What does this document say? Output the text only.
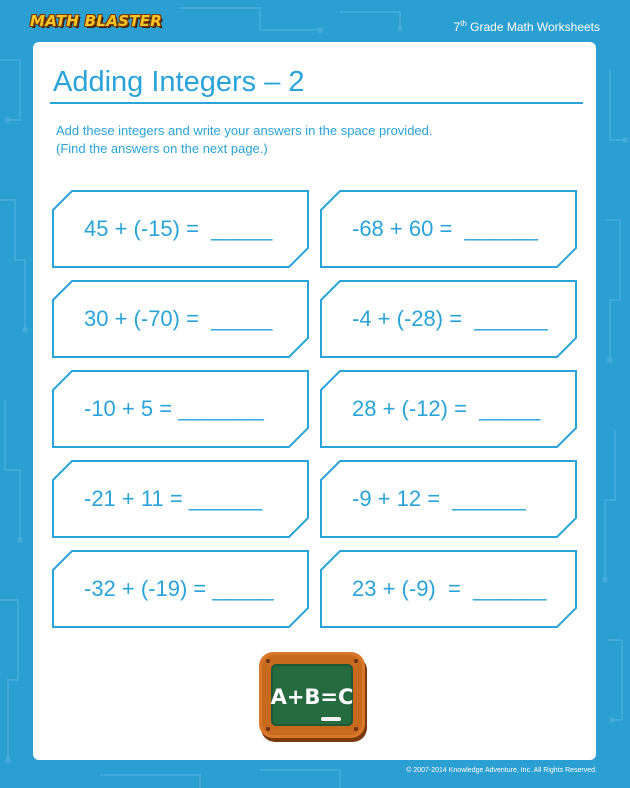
MATH BLASTER	7th Grade Math Worksheets
Adding Integers – 2
Add these integers and write your answers in the space provided.
(Find the answers on the next page.)
45 + (-15) =  _____	-68 + 60 =  ______
30 + (-70) =  _____	-4 + (-28) =  ______
-10 + 5 = _______	28 + (-12) =  _____
-21 + 11 = ______	-9 + 12 =  ______
-32 + (-19) = _____	23 + (-9)  =  ______
A+B=C
© 2007-2014 Knowledge Adventure, Inc. All Rights Reserved.
